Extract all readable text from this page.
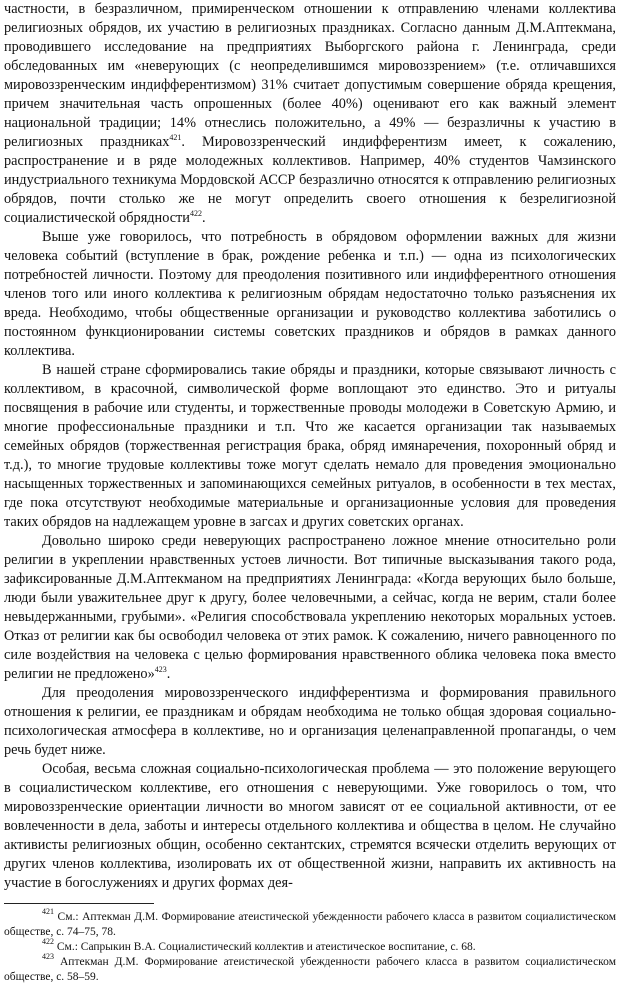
частности, в безразличном, примиренческом отношении к отправлению членами коллектива религиозных обрядов, их участию в религиозных праздниках. Согласно данным Д.М.Аптекмана, проводившего исследование на предприятиях Выборгского района г. Ленинграда, среди обследованных им «неверующих (с неопределившимся мировоззрением» (т.е. отличавшихся мировоззренческим индифферентизмом) 31% считает допустимым совершение обряда крещения, причем значительная часть опрошенных (более 40%) оценивают его как важный элемент национальной традиции; 14% отнеслись положительно, а 49% — безразличны к участию в религиозных праздниках$^{421}$. Мировоззренческий индифферентизм имеет, к сожалению, распространение и в ряде молодежных коллективов. Например, 40% студентов Чамзинского индустриального техникума Мордовской АССР безразлично относятся к отправлению религиозных обрядов, почти столько же не могут определить своего отношения к безрелигиозной социалистической обрядности$^{422}$.

Выше уже говорилось, что потребность в обрядовом оформлении важных для жизни человека событий (вступление в брак, рождение ребенка и т.п.) — одна из психологических потребностей личности. Поэтому для преодоления позитивного или индифферентного отношения членов того или иного коллектива к религиозным обрядам недостаточно только разъяснения их вреда. Необходимо, чтобы общественные организации и руководство коллектива заботились о постоянном функционировании системы советских праздников и обрядов в рамках данного коллектива.

В нашей стране сформировались такие обряды и праздники, которые связывают личность с коллективом, в красочной, символической форме воплощают это единство. Это и ритуалы посвящения в рабочие или студенты, и торжественные проводы молодежи в Советскую Армию, и многие профессиональные праздники и т.п. Что же касается организации так называемых семейных обрядов (торжественная регистрация брака, обряд имянаречения, похоронный обряд и т.д.), то многие трудовые коллективы тоже могут сделать немало для проведения эмоционально насыщенных торжественных и запоминающихся семейных ритуалов, в особенности в тех местах, где пока отсутствуют необходимые материальные и организационные условия для проведения таких обрядов на надлежащем уровне в загсах и других советских органах.

Довольно широко среди неверующих распространено ложное мнение относительно роли религии в укреплении нравственных устоев личности. Вот типичные высказывания такого рода, зафиксированные Д.М.Аптекманом на предприятиях Ленинграда: «Когда верующих было больше, люди были уважительнее друг к другу, более человечными, а сейчас, когда не верим, стали более невыдержанными, грубыми». «Религия способствовала укреплению некоторых моральных устоев. Отказ от религии как бы освободил человека от этих рамок. К сожалению, ничего равноценного по силе воздействия на человека с целью формирования нравственного облика человека пока вместо религии не предложено»$^{423}$.

Для преодоления мировоззренческого индифферентизма и формирования правильного отношения к религии, ее праздникам и обрядам необходима не только общая здоровая социально-психологическая атмосфера в коллективе, но и организация целенаправленной пропаганды, о чем речь будет ниже.

Особая, весьма сложная социально-психологическая проблема — это положение верующего в социалистическом коллективе, его отношения с неверующими. Уже говорилось о том, что мировоззренческие ориентации личности во многом зависят от ее социальной активности, от ее вовлеченности в дела, заботы и интересы отдельного коллектива и общества в целом. Не случайно активисты религиозных общин, особенно сектантских, стремятся всячески отделить верующих от других членов коллектива, изолировать их от общественной жизни, направить их активность на участие в богослужениях и других формах дея-

$^{421}$ См.: Аптекман Д.М. Формирование атеистической убежденности рабочего класса в развитом социалистическом обществе, с. 74–75, 78.

$^{422}$ См.: Сапрыкин В.А. Социалистический коллектив и атеистическое воспитание, с. 68.

$^{423}$ Аптекман Д.М. Формирование атеистической убежденности рабочего класса в развитом социалистическом обществе, с. 58–59.
